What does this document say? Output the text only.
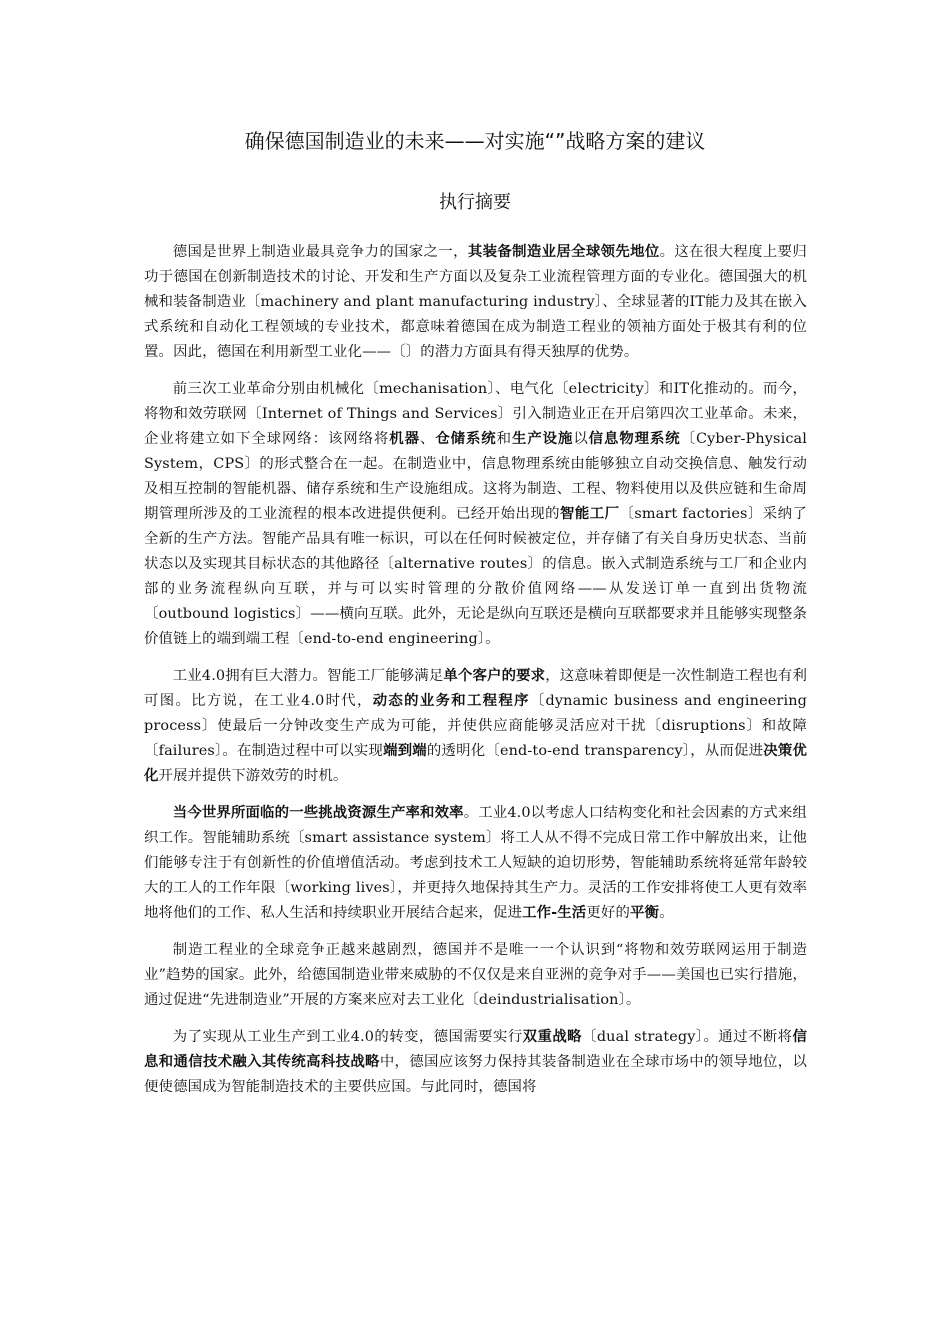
确保德国制造业的未来——对实施“”战略方案的建议
执行摘要

德国是世界上制造业最具竞争力的国家之一，其装备制造业居全球领先地位。这在很大程度上要归功于德国在创新制造技术的讨论、开发和生产方面以及复杂工业流程管理方面的专业化。德国强大的机械和装备制造业〔machinery and plant manufacturing industry〕、全球显著的IT能力及其在嵌入式系统和自动化工程领域的专业技术，都意味着德国在成为制造工程业的领袖方面处于极其有利的位置。因此，德国在利用新型工业化——〔〕的潜力方面具有得天独厚的优势。

前三次工业革命分别由机械化〔mechanisation〕、电气化〔electricity〕和IT化推动的。而今，将物和效劳联网〔Internet of Things and Services〕引入制造业正在开启第四次工业革命。未来，企业将建立如下全球网络：该网络将机器、仓储系统和生产设施以信息物理系统〔Cyber-Physical System，CPS〕的形式整合在一起。在制造业中，信息物理系统由能够独立自动交换信息、触发行动及相互控制的智能机器、储存系统和生产设施组成。这将为制造、工程、物料使用以及供应链和生命周期管理所涉及的工业流程的根本改进提供便利。已经开始出现的智能工厂〔smart factories〕采纳了全新的生产方法。智能产品具有唯一标识，可以在任何时候被定位，并存储了有关自身历史状态、当前状态以及实现其目标状态的其他路径〔alternative routes〕的信息。嵌入式制造系统与工厂和企业内部的业务流程纵向互联，并与可以实时管理的分散价值网络——从发送订单一直到出货物流〔outbound logistics〕——横向互联。此外，无论是纵向互联还是横向互联都要求并且能够实现整条价值链上的端到端工程〔end-to-end engineering〕。

工业4.0拥有巨大潜力。智能工厂能够满足单个客户的要求，这意味着即便是一次性制造工程也有利可图。比方说，在工业4.0时代，动态的业务和工程程序〔dynamic business and engineering process〕使最后一分钟改变生产成为可能，并使供应商能够灵活应对干扰〔disruptions〕和故障〔failures〕。在制造过程中可以实现端到端的透明化〔end-to-end transparency〕，从而促进决策优化开展并提供下游效劳的时机。

当今世界所面临的一些挑战资源生产率和效率。工业4.0以考虑人口结构变化和社会因素的方式来组织工作。智能辅助系统〔smart assistance system〕将工人从不得不完成日常工作中解放出来，让他们能够专注于有创新性的价值增值活动。考虑到技术工人短缺的迫切形势，智能辅助系统将延常年龄较大的工人的工作年限〔working lives〕，并更持久地保持其生产力。灵活的工作安排将使工人更有效率地将他们的工作、私人生活和持续职业开展结合起来，促进工作-生活更好的平衡。

制造工程业的全球竞争正越来越剧烈，德国并不是唯一一个认识到“将物和效劳联网运用于制造业”趋势的国家。此外，给德国制造业带来威胁的不仅仅是来自亚洲的竞争对手——美国也已实行措施，通过促进“先进制造业”开展的方案来应对去工业化〔deindustrialisation〕。

为了实现从工业生产到工业4.0的转变，德国需要实行双重战略〔dual strategy〕。通过不断将信息和通信技术融入其传统高科技战略中，德国应该努力保持其装备制造业在全球市场中的领导地位，以便使德国成为智能制造技术的主要供应国。与此同时，德国将
